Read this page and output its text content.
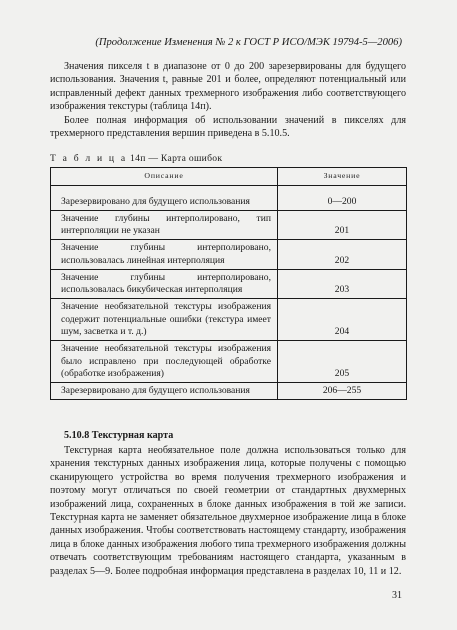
(Продолжение Изменения № 2 к ГОСТ Р ИСО/МЭК 19794-5—2006)

Значения пикселя t в диапазоне от 0 до 200 зарезервированы для будущего использования. Значения t, равные 201 и более, определяют потенциальный или исправленный дефект данных трехмерного изображения либо соответствующего изображения текстуры (таблица 14п).

Более полная информация об использовании значений в пикселях для трехмерного представления вершин приведена в 5.10.5.

Т а б л и ц а 14п — Карта ошибок
Описание	Значение

Зарезервировано для будущего использования	0—200
Значение глубины интерполировано, тип интерполяции не указан	201
Значение глубины интерполировано, использовалась линейная интерполяция	202
Значение глубины интерполировано, использовалась бикубическая интерполяция	203
Значение необязательной текстуры изображения содержит потенциальные ошибки (текстура имеет шум, засветка и т. д.)	204
Значение необязательной текстуры изображения было исправлено при последующей обработке (обработке изображения)	205
Зарезервировано для будущего использования	206—255
5.10.8 Текстурная карта

Текстурная карта необязательное поле должна использоваться только для хранения текстурных данных изображения лица, которые получены с помощью сканирующего устройства во время получения трехмерного изображения и поэтому могут отличаться по своей геометрии от стандартных двухмерных изображений лица, сохраненных в блоке данных изображения в той же записи. Текстурная карта не заменяет обязательное двухмерное изображение лица в блоке данных изображения. Чтобы соответствовать настоящему стандарту, изображения лица в блоке данных изображения любого типа трехмерного изображения должны отвечать соответствующим требованиям настоящего стандарта, указанным в разделах 5—9. Более подробная информация представлена в разделах 10, 11 и 12.

31
